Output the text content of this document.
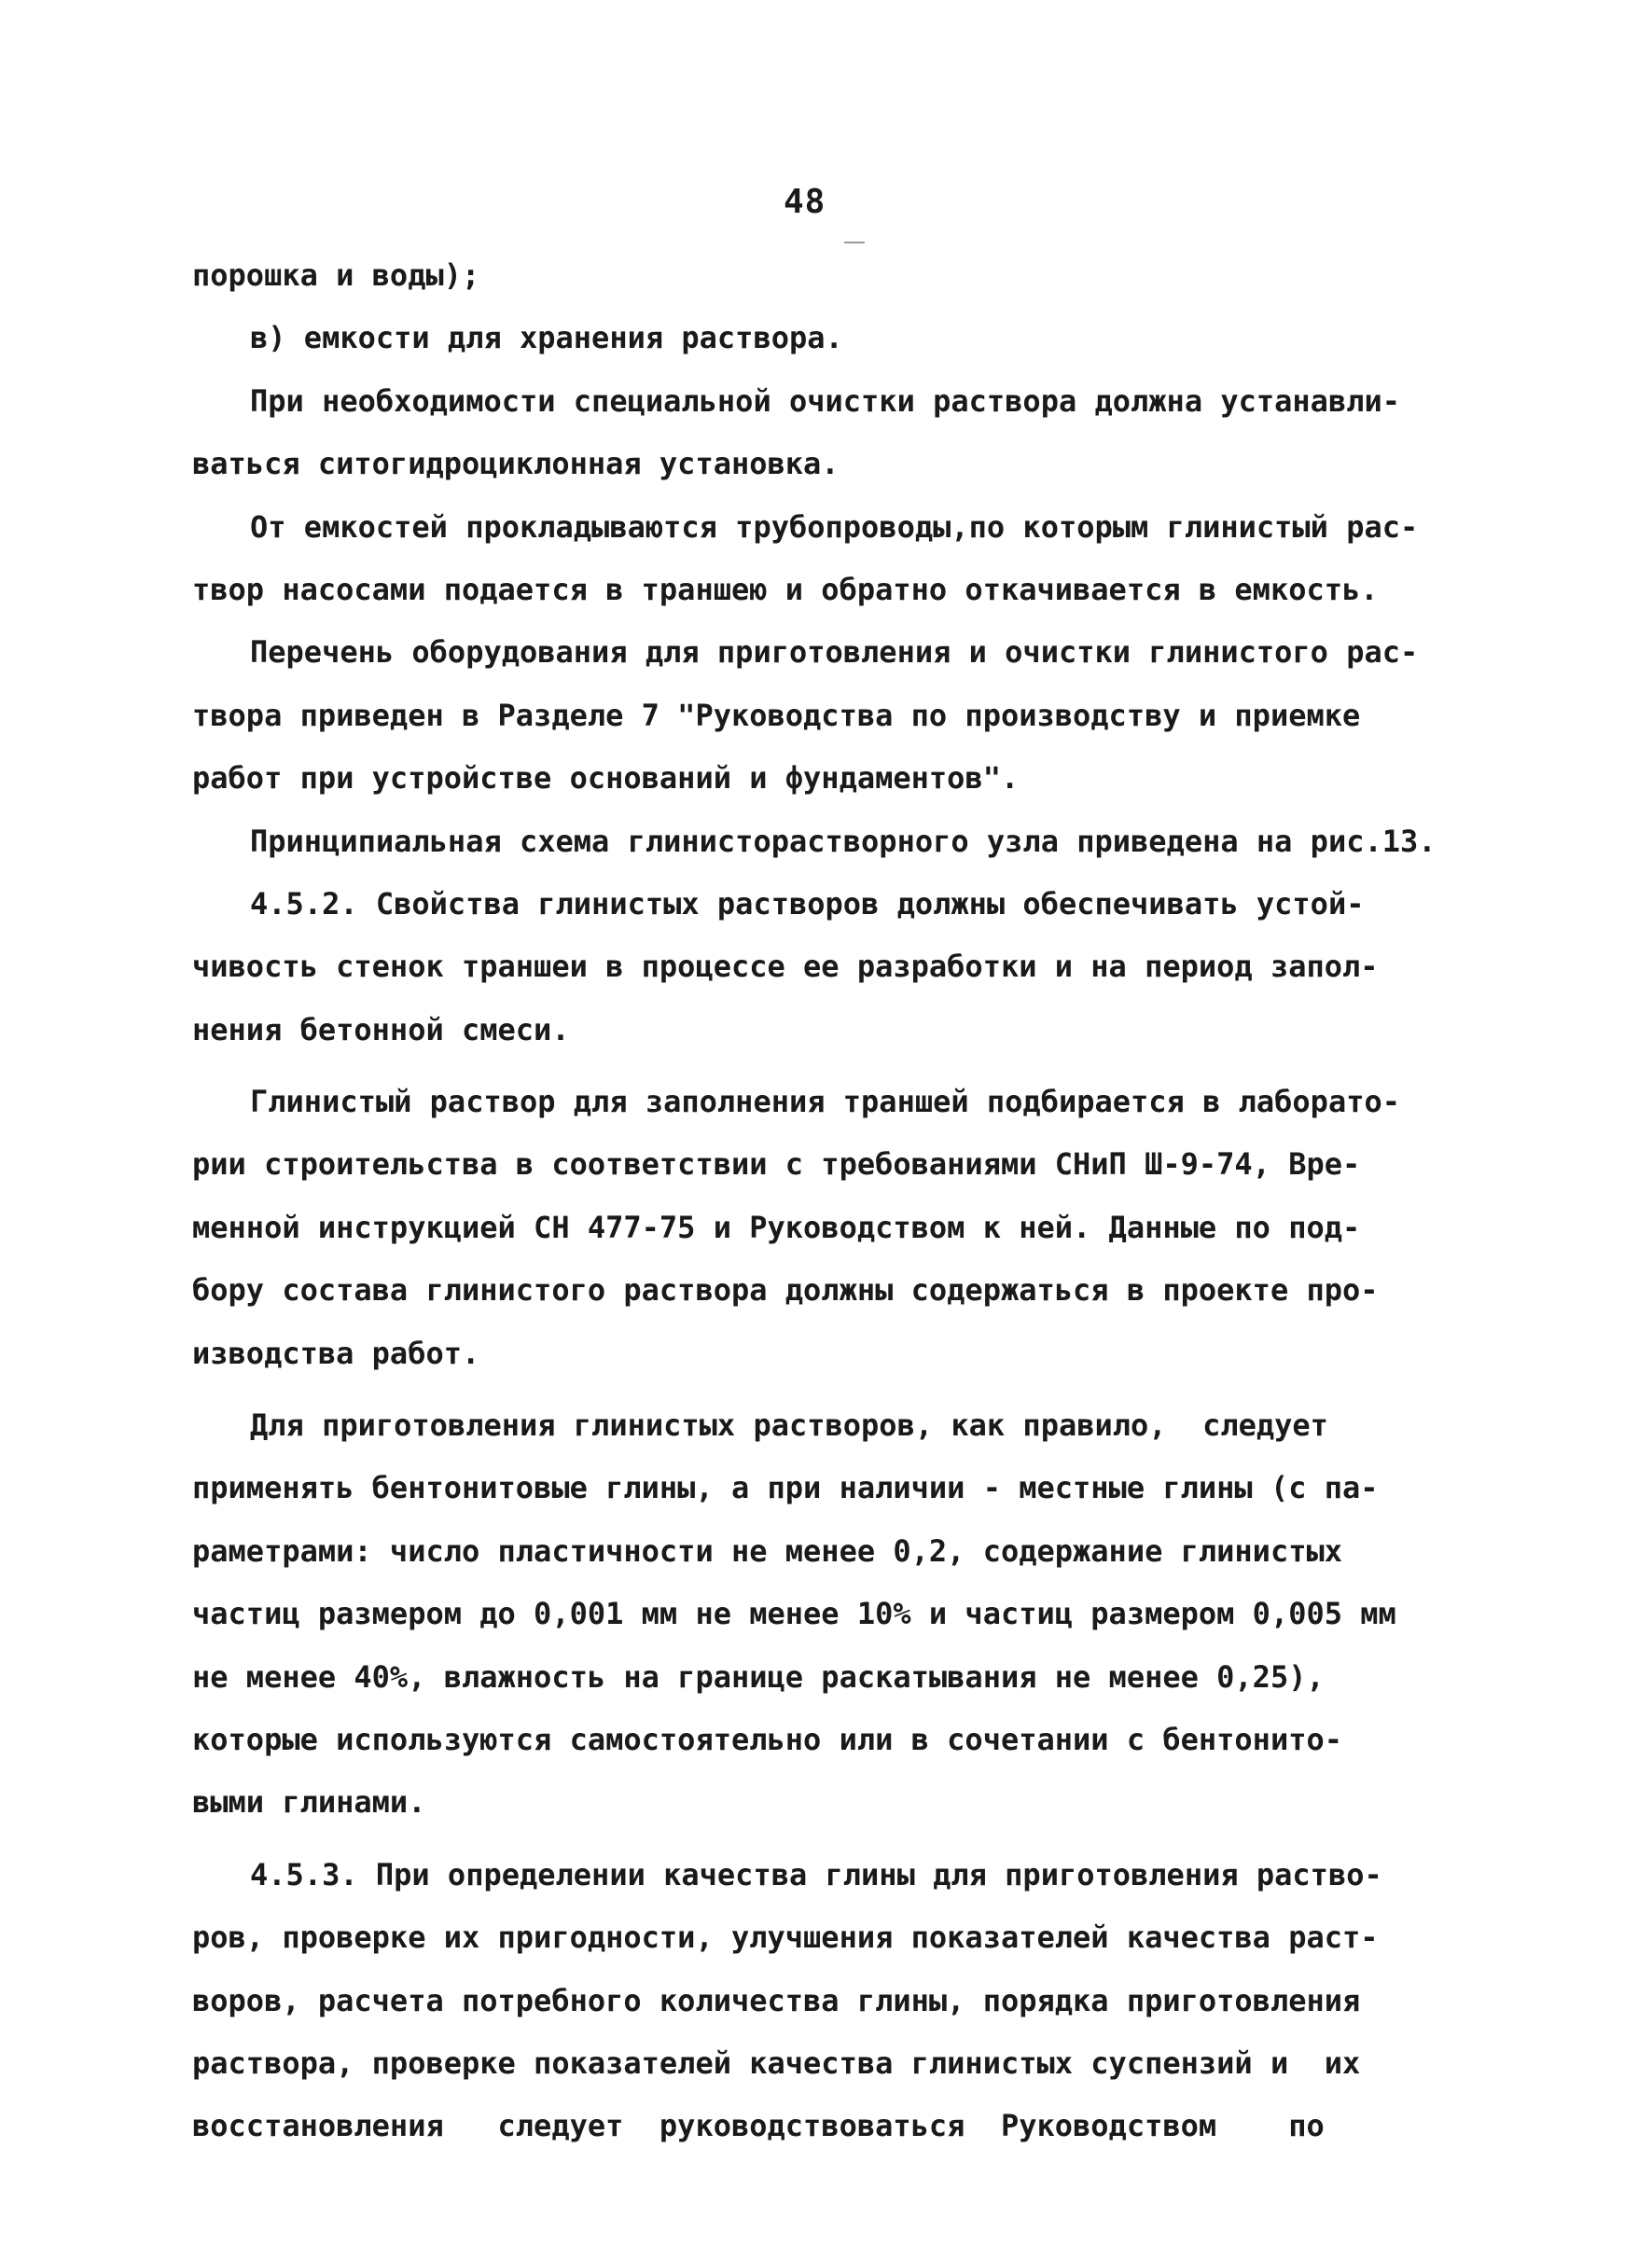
48
порошка и воды);
в) емкости для хранения раствора.
При необходимости специальной очистки раствора должна устанавли-
ваться ситогидроциклонная установка.
От емкостей прокладываются трубопроводы,по которым глинистый рас-
твор насосами подается в траншею и обратно откачивается в емкость.
Перечень оборудования для приготовления и очистки глинистого рас-
твора приведен в Разделе 7 "Руководства по производству и приемке
работ при устройстве оснований и фундаментов".
Принципиальная схема глинисторастворного узла приведена на рис.13.
4.5.2. Свойства глинистых растворов должны обеспечивать устой-
чивость стенок траншеи в процессе ее разработки и на период запол-
нения бетонной смеси.
Глинистый раствор для заполнения траншей подбирается в лаборато-
рии строительства в соответствии с требованиями СНиП Ш-9-74, Вре-
менной инструкцией СН 477-75 и Руководством к ней. Данные по под-
бору состава глинистого раствора должны содержаться в проекте про-
изводства работ.
Для приготовления глинистых растворов, как правило,  следует
применять бентонитовые глины, а при наличии - местные глины (с па-
раметрами: число пластичности не менее 0,2, содержание глинистых
частиц размером до 0,001 мм не менее 10% и частиц размером 0,005 мм
не менее 40%, влажность на границе раскатывания не менее 0,25),
которые используются самостоятельно или в сочетании с бентонито-
выми глинами.
4.5.3. При определении качества глины для приготовления раство-
ров, проверке их пригодности, улучшения показателей качества раст-
воров, расчета потребного количества глины, порядка приготовления
раствора, проверке показателей качества глинистых суспензий и  их
восстановления   следует  руководствоваться  Руководством    по
